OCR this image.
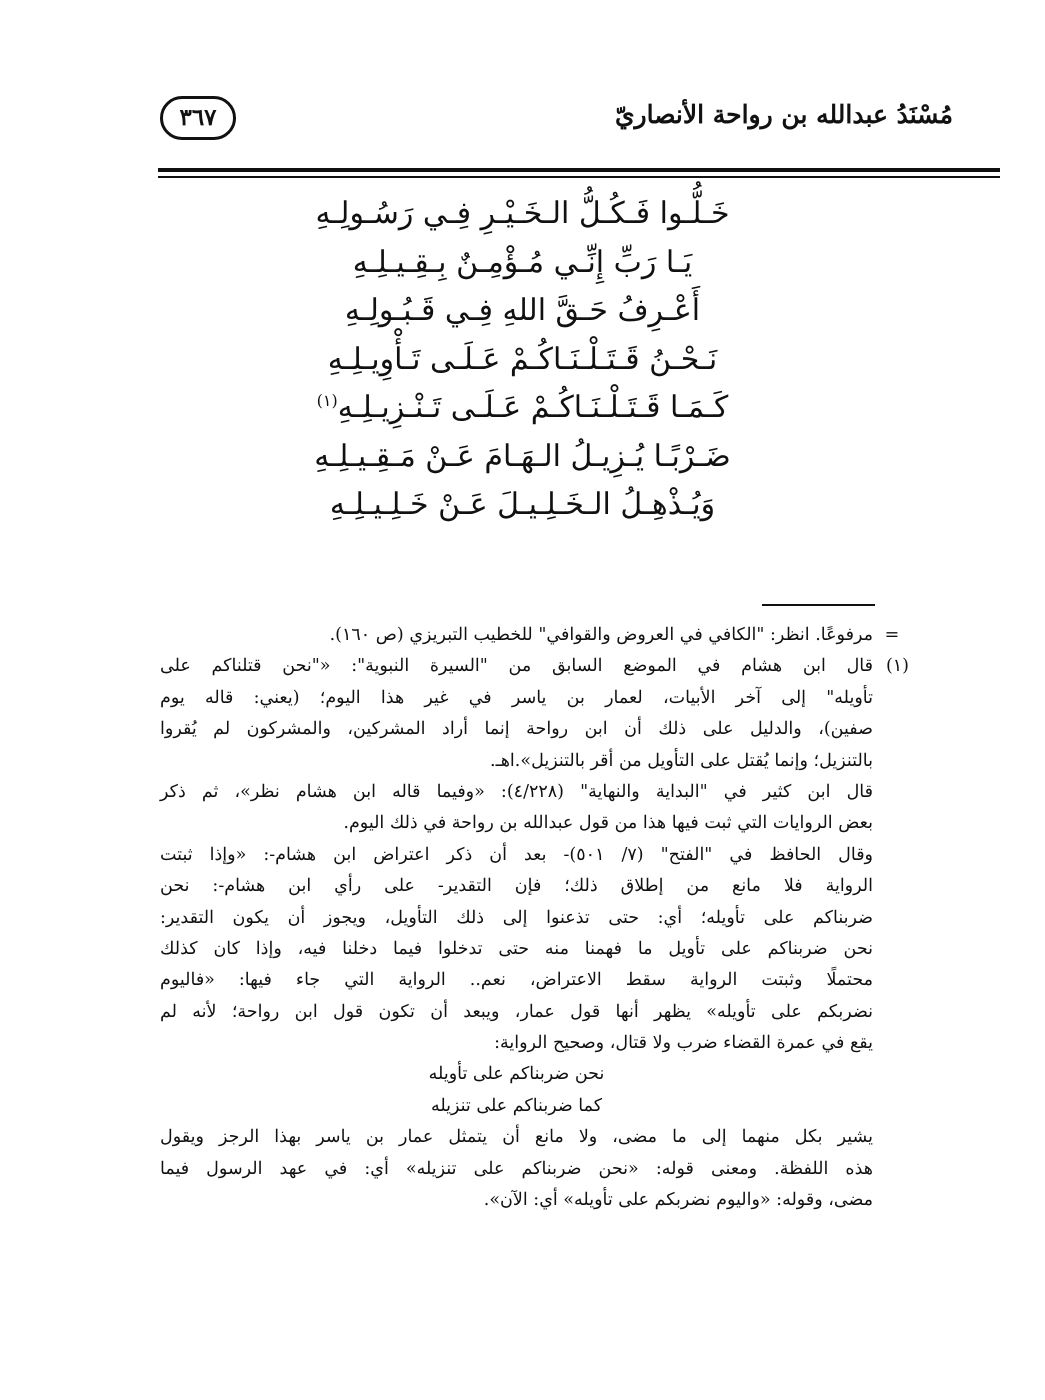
مُسْنَدُ عبدالله بن رواحة الأنصاريّ
٣٦٧
خَـلُّـوا فَـكُـلُّ الـخَـيْـرِ فِـي رَسُـولِـهِ
يَـا رَبِّ إِنِّـي مُـؤْمِـنٌ بِـقِـيـلِـهِ
أَعْـرِفُ حَـقَّ اللهِ فِـي قَـبُـولِـهِ
نَـحْـنُ قَـتَـلْـنَـاكُـمْ عَـلَـى تَـأْوِيـلِـهِ
كَـمَـا قَـتَـلْـنَـاكُـمْ عَـلَـى تَـنْـزِيـلِـهِ$^{(١)}$
ضَـرْبًـا يُـزِيـلُ الـهَـامَ عَـنْ مَـقِـيـلِـهِ
وَيُـذْهِـلُ الـخَـلِـيـلَ عَـنْ خَـلِـيـلِـهِ
=
مرفوعًا. انظر: "الكافي في العروض والقوافي" للخطيب التبريزي (ص ١٦٠).
(١)
قال ابن هشام في الموضع السابق من "السيرة النبوية": «"نحن قتلناكم على
تأويله" إلى آخر الأبيات، لعمار بن ياسر في غير هذا اليوم؛ (يعني: قاله يوم
صفين)، والدليل على ذلك أن ابن رواحة إنما أراد المشركين، والمشركون لم يُقروا
بالتنزيل؛ وإنما يُقتل على التأويل من أقر بالتنزيل».اهـ.
قال ابن كثير في "البداية والنهاية" (٤/٢٢٨): «وفيما قاله ابن هشام نظر»، ثم ذكر
بعض الروايات التي ثبت فيها هذا من قول عبدالله بن رواحة في ذلك اليوم.
وقال الحافظ في "الفتح" (٧/ ٥٠١)- بعد أن ذكر اعتراض ابن هشام-: «وإذا ثبتت
الرواية فلا مانع من إطلاق ذلك؛ فإن التقدير- على رأي ابن هشام-: نحن
ضربناكم على تأويله؛ أي: حتى تذعنوا إلى ذلك التأويل، ويجوز أن يكون التقدير:
نحن ضربناكم على تأويل ما فهمنا منه حتى تدخلوا فيما دخلنا فيه، وإذا كان كذلك
محتملًا وثبتت الرواية سقط الاعتراض، نعم.. الرواية التي جاء فيها: «فاليوم
نضربكم على تأويله» يظهر أنها قول عمار، ويبعد أن تكون قول ابن رواحة؛ لأنه لم
يقع في عمرة القضاء ضرب ولا قتال، وصحيح الرواية:
نحن ضربناكم على تأويله
كما ضربناكم على تنزيله
يشير بكل منهما إلى ما مضى، ولا مانع أن يتمثل عمار بن ياسر بهذا الرجز ويقول
هذه اللفظة. ومعنى قوله: «نحن ضربناكم على تنزيله» أي: في عهد الرسول فيما
مضى، وقوله: «واليوم نضربكم على تأويله» أي: الآن».
